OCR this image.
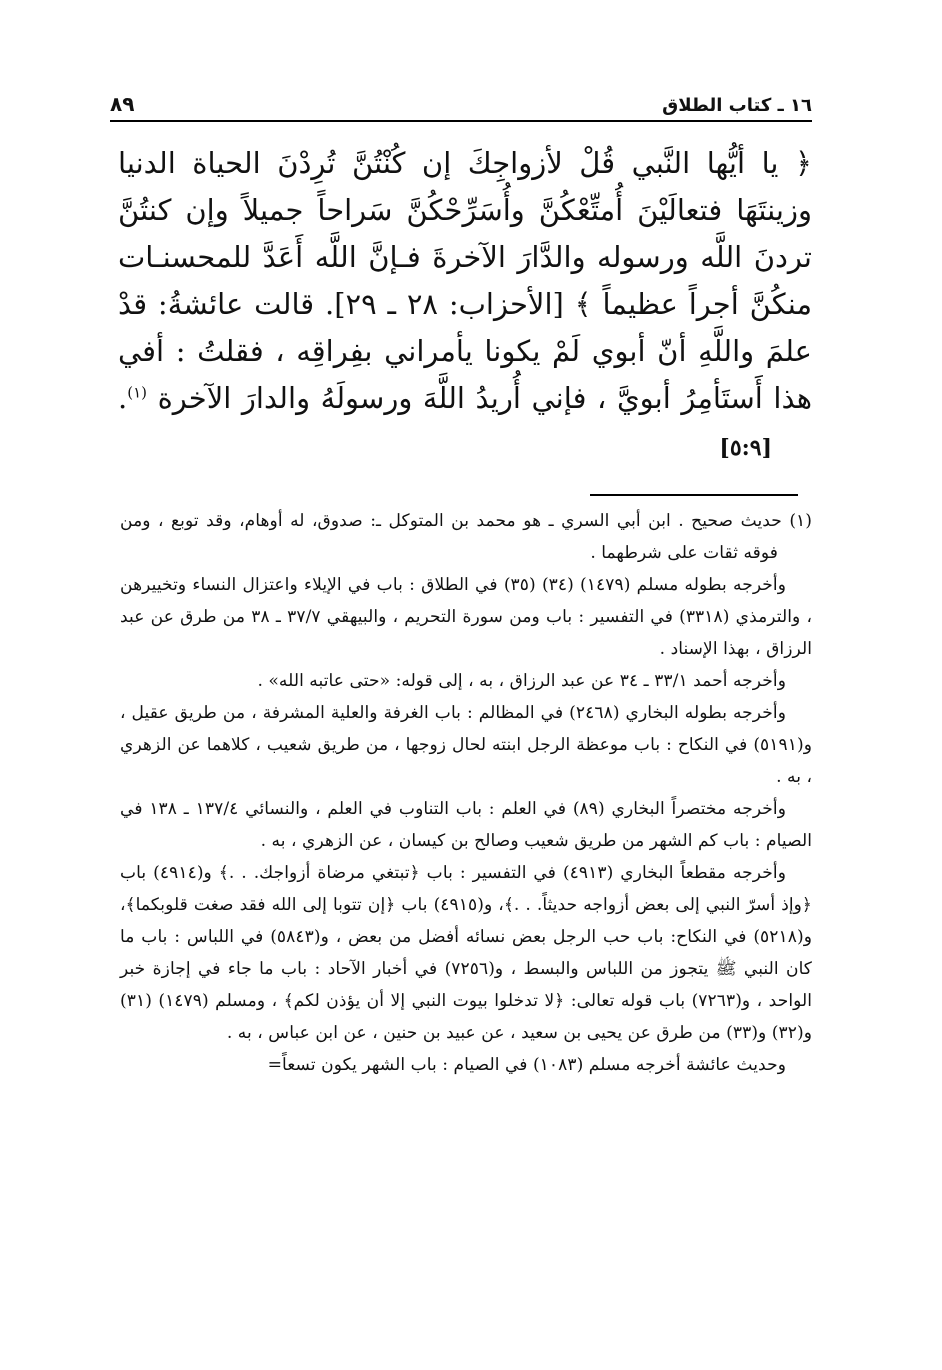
١٦ ـ كتاب الطلاق
٨٩

﴿ يا أيُّها النَّبي قُلْ لأزواجِكَ إن كُنْتُنَّ تُرِدْنَ الحياة الدنيا وزينتَهَا فتعالَيْنَ أُمتِّعْكُنَّ وأُسَرِّحْكُنَّ سَراحاً جميلاً وإن كنتُنَّ تردنَ اللَّه ورسوله والدَّارَ الآخرةَ فـإنَّ اللَّه أَعَدَّ للمحسنـات منكُنَّ أجراً عظيماً ﴾ [الأحزاب: ٢٨ ـ ٢٩]. قالت عائشةُ: قدْ علمَ واللَّهِ أنّ أبوي لَمْ يكونا يأمراني بفِراقِه ، فقلتُ : أفي هذا أَستَأمِرُ أبويَّ ، فإني أُريدُ اللَّهَ ورسولَهُ والدارَ الآخرة $^{(١)}$.[٥:٩]

(١) حديث صحيح . ابن أبي السري ـ هو محمد بن المتوكل ـ: صدوق، له أوهام، وقد توبع ، ومن فوقه ثقات على شرطهما .

وأخرجه بطوله مسلم (١٤٧٩) (٣٤) (٣٥) في الطلاق : باب في الإيلاء واعتزال النساء وتخييرهن ، والترمذي (٣٣١٨) في التفسير : باب ومن سورة التحريم ، والبيهقي ٣٧/٧ ـ ٣٨ من طرق عن عبد الرزاق ، بهذا الإسناد .

وأخرجه أحمد ٣٣/١ ـ ٣٤ عن عبد الرزاق ، به ، إلى قوله: «حتى عاتبه الله» .

وأخرجه بطوله البخاري (٢٤٦٨) في المظالم : باب الغرفة والعلية المشرفة ، من طريق عقيل ، و(٥١٩١) في النكاح : باب موعظة الرجل ابنته لحال زوجها ، من طريق شعيب ، كلاهما عن الزهري ، به .

وأخرجه مختصراً البخاري (٨٩) في العلم : باب التناوب في العلم ، والنسائي ١٣٧/٤ ـ ١٣٨ في الصيام : باب كم الشهر من طريق شعيب وصالح بن كيسان ، عن الزهري ، به .

وأخرجه مقطعاً البخاري (٤٩١٣) في التفسير : باب ﴿تبتغي مرضاة أزواجك. . .﴾ و(٤٩١٤) باب ﴿وإذ أسرّ النبي إلى بعض أزواجه حديثاً. . .﴾، و(٤٩١٥) باب ﴿إن تتوبا إلى الله فقد صغت قلوبكما﴾، و(٥٢١٨) في النكاح: باب حب الرجل بعض نسائه أفضل من بعض ، و(٥٨٤٣) في اللباس : باب ما كان النبي ﷺ يتجوز من اللباس والبسط ، و(٧٢٥٦) في أخبار الآحاد : باب ما جاء في إجازة خبر الواحد ، و(٧٢٦٣) باب قوله تعالى: ﴿لا تدخلوا بيوت النبي إلا أن يؤذن لكم﴾ ، ومسلم (١٤٧٩) (٣١) و(٣٢) و(٣٣) من طرق عن يحيى بن سعيد ، عن عبيد بن حنين ، عن ابن عباس ، به .

وحديث عائشة أخرجه مسلم (١٠٨٣) في الصيام : باب الشهر يكون تسعاً=
